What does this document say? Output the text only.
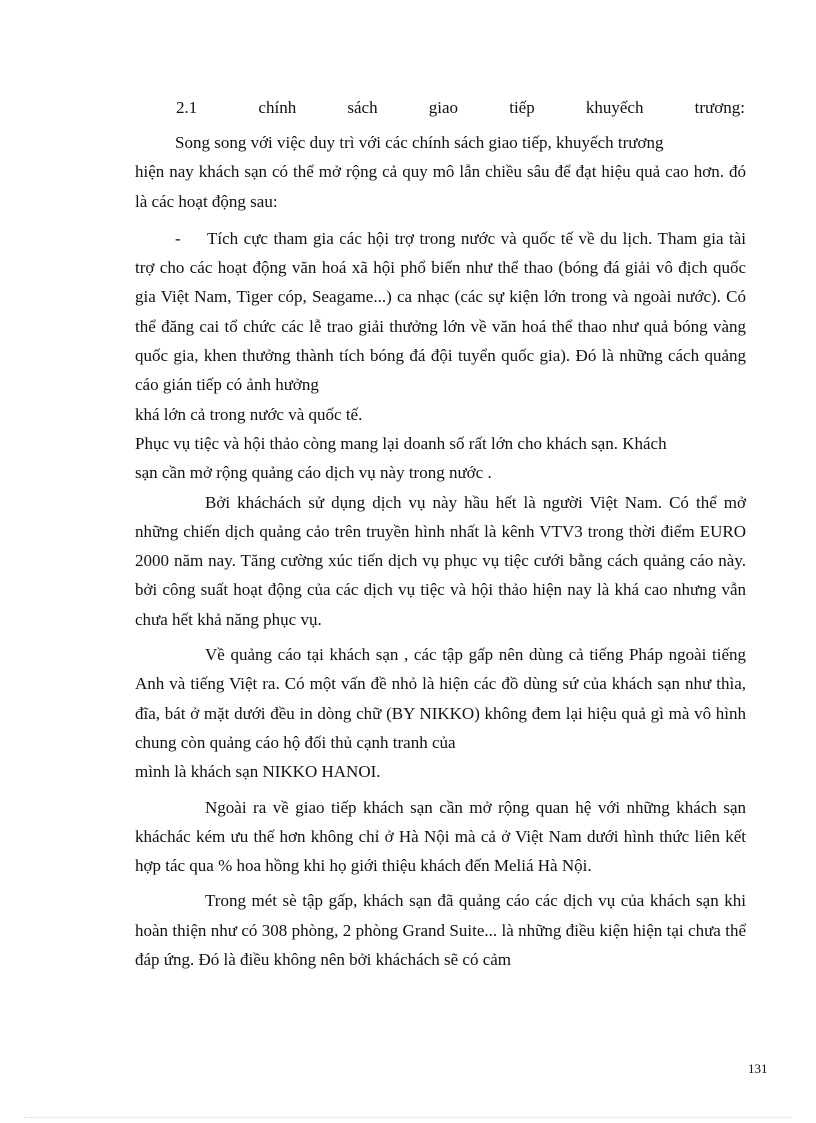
2.1	chính	sách	giao	tiếp	khuyếch	trương:

Song song với việc duy trì với các chính sách giao tiếp, khuyếch trương

hiện nay khách sạn có thể mở rộng cả quy mô lẫn chiều sâu để đạt hiệu quả cao hơn. đó là các hoạt động sau:

- Tích cực tham gia các hội trợ trong nước và quốc tế về du lịch. Tham gia tài trợ cho các hoạt động văn hoá xã hội phổ biến như thể thao (bóng đá giải vô địch quốc gia Việt Nam, Tiger cóp, Seagame...) ca nhạc (các sự kiện lớn trong và ngoài nước). Có thể đăng cai tổ chức các lễ trao giải thưởng lớn về văn hoá thể thao như quả bóng vàng quốc gia, khen thưởng thành tích bóng đá đội tuyển quốc gia). Đó là những cách quảng cáo gián tiếp có ảnh hưởng

khá lớn cả trong nước và quốc tế.

Phục vụ tiệc và hội thảo còng mang lại doanh số rất lớn cho khách sạn. Khách

sạn cần mở rộng quảng cáo dịch vụ này trong nước .

Bởi kháchách sử dụng dịch vụ này hầu hết là người Việt Nam. Có thể mở những chiến dịch quảng cảo trên truyền hình nhất là kênh VTV3 trong thời điểm EURO 2000 năm nay. Tăng cường xúc tiến dịch vụ phục vụ tiệc cưới bằng cách quảng cáo này. bởi công suất hoạt động của các dịch vụ tiệc và hội thảo hiện nay là khá cao nhưng vẫn chưa hết khả năng phục vụ.

Về quảng cáo tại khách sạn , các tập gấp nên dùng cả tiếng Pháp ngoài tiếng Anh và tiếng Việt ra. Có một vấn đề nhỏ là hiện các đồ dùng sứ của khách sạn như thìa, đĩa, bát ở mặt dưới đều in dòng chữ (BY NIKKO) không đem lại hiệu quả gì mà vô hình chung còn quảng cáo hộ đối thủ cạnh tranh của

mình là khách sạn NIKKO HANOI.

Ngoài ra về giao tiếp khách sạn cần mở rộng quan hệ với những khách sạn kháchác kém ưu thế hơn không chỉ ở Hà Nội mà cả ở Việt Nam dưới hình thức liên kết hợp tác qua % hoa hồng khi họ giới thiệu khách đến Meliá Hà Nội.

Trong mét sè tập gấp, khách sạn đã quảng cáo các dịch vụ của khách sạn khi hoàn thiện như có 308 phòng, 2 phòng Grand Suite... là những điều kiện hiện tại chưa thể đáp ứng. Đó là điều không nên bởi kháchách sẽ có cảm

131
